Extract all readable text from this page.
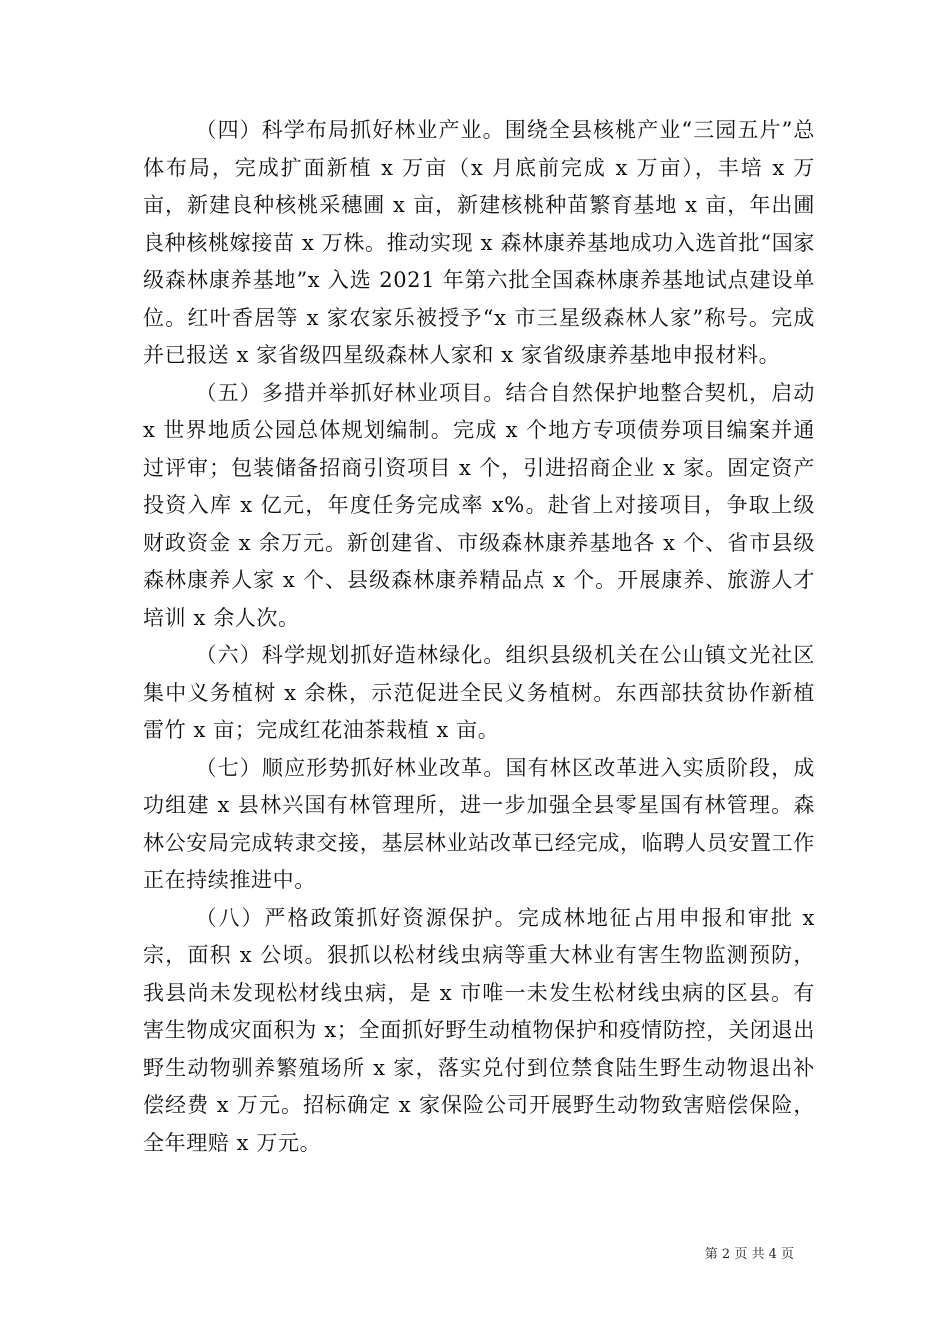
（四）科学布局抓好林业产业。围绕全县核桃产业“三园五片”总体布局，完成扩面新植 x 万亩（x 月底前完成 x 万亩），丰培 x 万亩，新建良种核桃采穗圃 x 亩，新建核桃种苗繁育基地 x 亩，年出圃良种核桃嫁接苗 x 万株。推动实现 x 森林康养基地成功入选首批“国家级森林康养基地”x 入选 2021 年第六批全国森林康养基地试点建设单位。红叶香居等 x 家农家乐被授予“x 市三星级森林人家”称号。完成并已报送 x 家省级四星级森林人家和 x 家省级康养基地申报材料。

（五）多措并举抓好林业项目。结合自然保护地整合契机，启动 x 世界地质公园总体规划编制。完成 x 个地方专项债券项目编案并通过评审；包装储备招商引资项目 x 个，引进招商企业 x 家。固定资产投资入库 x 亿元，年度任务完成率 x%。赴省上对接项目，争取上级财政资金 x 余万元。新创建省、市级森林康养基地各 x 个、省市县级森林康养人家 x 个、县级森林康养精品点 x 个。开展康养、旅游人才培训 x 余人次。

（六）科学规划抓好造林绿化。组织县级机关在公山镇文光社区集中义务植树 x 余株，示范促进全民义务植树。东西部扶贫协作新植雷竹 x 亩；完成红花油茶栽植 x 亩。

（七）顺应形势抓好林业改革。国有林区改革进入实质阶段，成功组建 x 县林兴国有林管理所，进一步加强全县零星国有林管理。森林公安局完成转隶交接，基层林业站改革已经完成，临聘人员安置工作正在持续推进中。

（八）严格政策抓好资源保护。完成林地征占用申报和审批 x 宗，面积 x 公顷。狠抓以松材线虫病等重大林业有害生物监测预防，我县尚未发现松材线虫病，是 x 市唯一未发生松材线虫病的区县。有害生物成灾面积为 x；全面抓好野生动植物保护和疫情防控，关闭退出野生动物驯养繁殖场所 x 家，落实兑付到位禁食陆生野生动物退出补偿经费 x 万元。招标确定 x 家保险公司开展野生动物致害赔偿保险，全年理赔 x 万元。

第 2 页 共 4 页
